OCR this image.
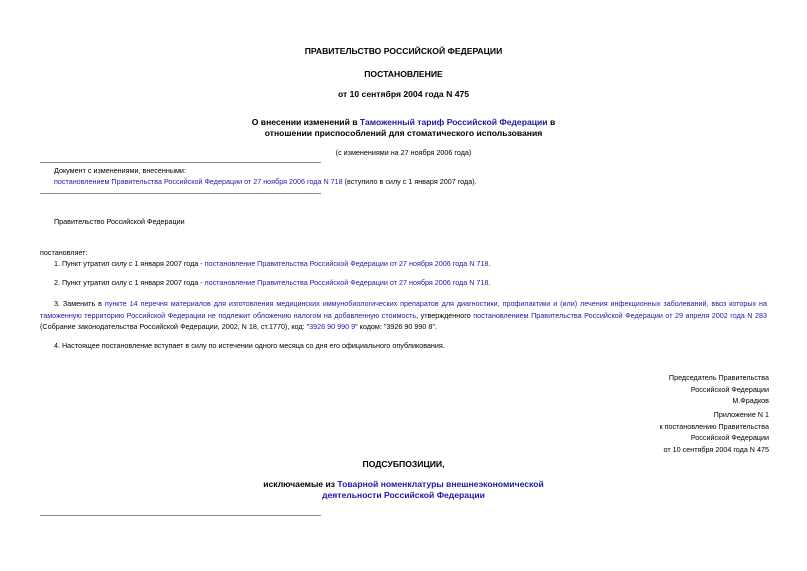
ПРАВИТЕЛЬСТВО РОССИЙСКОЙ ФЕДЕРАЦИИ
ПОСТАНОВЛЕНИЕ
от 10 сентября 2004 года N 475
О внесении изменений в Таможенный тариф Российской Федерации в
отношении приспособлений для стоматического использования
(с изменениями на 27 ноября 2006 года)
Документ с изменениями, внесенными:
постановлением Правительства Российской Федерации от 27 ноября 2006 года N 718 (вступило в силу с 1 января 2007 года).
Правительство Российской Федерации
постановляет:
1. Пункт утратил силу с 1 января 2007 года - постановление Правительства Российской Федерации от 27 ноября 2006 года N 718.
2. Пункт утратил силу с 1 января 2007 года - постановление Правительства Российской Федерации от 27 ноября 2006 года N 718.
3. Заменить в пункте 14 перечня материалов для изготовления медицинских иммунобиологических препаратов для диагностики, профилактики и (или) лечения инфекционных заболеваний, ввоз которых на таможенную территорию Российской Федерации не подлежит обложению налогом на добавленную стоимость, утвержденного постановлением Правительства Российской Федерации от 29 апреля 2002 года N 283 (Собрание законодательства Российской Федерации, 2002, N 18, ст.1770), код: "3926 90 990 9" кодом: "3926 90 990 8".
4. Настоящее постановление вступает в силу по истечении одного месяца со дня его официального опубликования.
Председатель Правительства
Российской Федерации
М.Фрадков
Приложение N 1
к постановлению Правительства
Российской Федерации
от 10 сентября 2004 года N 475
ПОДСУБПОЗИЦИИ,
исключаемые из Товарной номенклатуры внешнеэкономической
деятельности Российской Федерации
